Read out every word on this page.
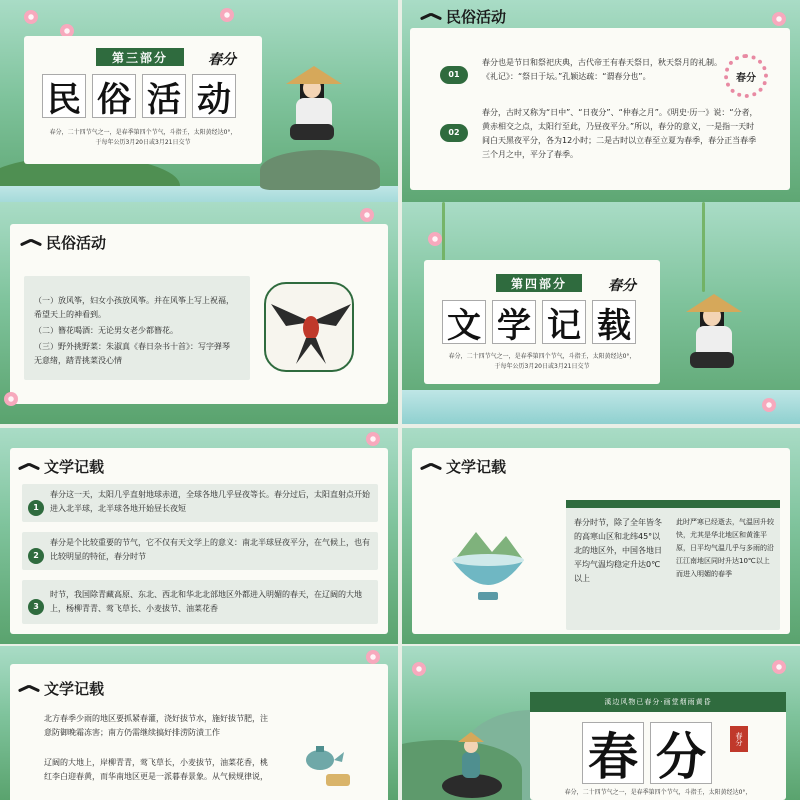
第三部分	春分
民 俗 活 动
春分，二十四节气之一，是春季第四个节气，斗指壬，太阳黄经达0°，
于每年公历3月20日或3月21日交节
民俗活动
01
春分也是节日和祭祀庆典，古代帝王有春天祭日，秋天祭月的礼制。《礼记》：“祭日于坛。”孔颖达疏：“谓春分也”。
02
春分，古时又称为“日中”、“日夜分”、“仲春之月”。《明史·历一》说：“分者，黄赤相交之点，太阳行至此，乃昼夜平分。”所以，春分的意义，一是指一天时间白天黑夜平分，各为12小时；二是古时以立春至立夏为春季，春分正当春季三个月之中，平分了春季。
春分
民俗活动
（一）放风筝，妇女小孩放风筝。并在风筝上写上祝福，希望天上的神看到。
（二）簪花喝酒：无论男女老少都簪花。
（三）野外挑野菜：朱淑真《春日杂书十首》：写字弹琴无意绪，踏青挑菜没心情
第四部分	春分
文 学 记 载
春分，二十四节气之一，是春季第四个节气，斗指壬，太阳黄经达0°，
于每年公历3月20日或3月21日交节
文学记载
1
春分这一天，太阳几乎直射地球赤道，全球各地几乎昼夜等长。春分过后，太阳直射点开始进入北半球，北半球各地开始昼长夜短
2
春分是个比较重要的节气，它不仅有天文学上的意义：南北半球昼夜平分，在气候上，也有比较明显的特征，春分时节
3
时节，我国除青藏高原、东北、西北和华北北部地区外都进入明媚的春天，在辽阔的大地上，杨柳青青、莺飞草长、小麦拔节、油菜花香
文学记载
春分时节，除了全年皆冬的高寒山区和北纬45°以北的地区外，中国各地日平均气温均稳定升达0℃以上
此时严寒已经逝去，气温回升较快，尤其是华北地区和黄淮平原，日平均气温几乎与多雨的沿江江南地区同时升达10℃以上而进入明媚的春季
文学记载
北方春季少雨的地区要抓紧春灌，浇好拔节水，施好拔节肥，注意防御晚霜冻害；南方仍需继续搞好排涝防渍工作
辽阔的大地上，岸柳青青，莺飞草长，小麦拔节，油菜花香，桃红李白迎春黄，而华南地区更是一派暮春景象。从气候规律说，
溪边风物已春分·画堂烟雨黄昏
春 分	春分
春分，二十四节气之一，是春季第四个节气，斗指壬，太阳黄经达0°，
